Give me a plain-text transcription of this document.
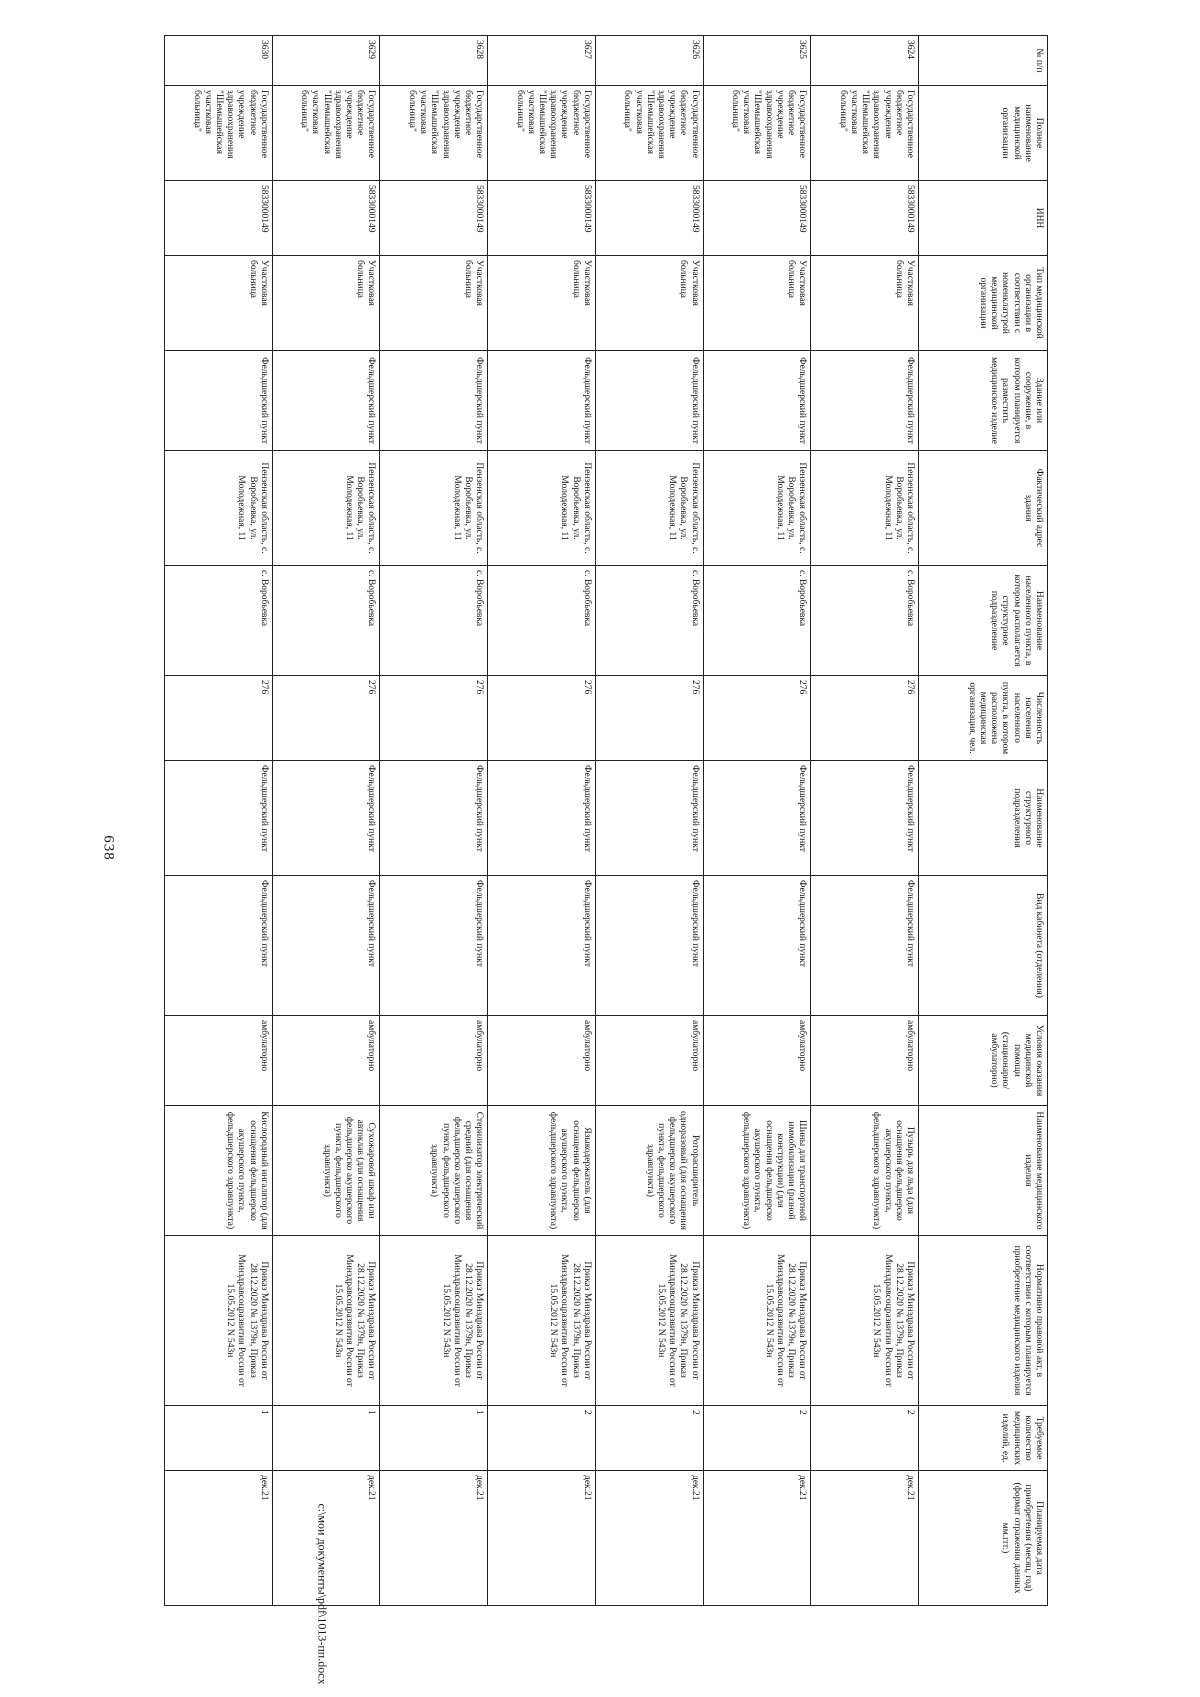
638
№ п/п	Полное наименование медицинской организации	ИНН	Тип медицинской организации в соответствии с номенклатурой медицинской организации	Здание или сооружение, в котором планируется разместить медицинское изделие	Фактический адрес здания	Наименование населенного пункта, в котором располагается структурное подразделение	Численность населения населенного пункта, в котором расположена медицинская организация, чел.	Наименование структурного подразделения	Вид кабинета (отделения)	Условия оказания медицинской помощи (стационарно/ амбулаторно)	Наименование медицинского изделия	Нормативно правовой акт, в соответствии с которым планируется приобретение медицинского изделия	Требуемое количество медицинских изделий, ед.	Планируемая дата приобретения (месяц, год) (формат отражения данных мм.ггг.)
3624	Государственное бюджетное учреждение здравоохранения "Шемышейская участковая больница"	5833000149	Участковая больница	Фельдшерский пункт	Пензенская область, с. Воробьевка, ул. Молодежная, 11	с. Воробьевка	276	Фельдшерский пункт	Фельдшерский пункт	амбулаторно	Пузырь для льда (для оснащения фельдшерско акушерского пункта, фельдшерского здравпункта)	Приказ Минздрава России от 28.12.2020 № 1379н, Приказ Минздравсоцразвития России от 15.05.2012 N 543н	2	дек.21
3625	Государственное бюджетное учреждение здравоохранения "Шемышейская участковая больница"	5833000149	Участковая больница	Фельдшерский пункт	Пензенская область, с. Воробьевка, ул. Молодежная, 11	с. Воробьевка	276	Фельдшерский пункт	Фельдшерский пункт	амбулаторно	Шины для транспортной иммобилизации (разной конструкции) (для оснащения фельдшерско акушерского пункта, фельдшерского здравпункта)	Приказ Минздрава России от 28.12.2020 № 1379н, Приказ Минздравсоцразвития России от 15.05.2012 N 543н	2	дек.21
3626	Государственное бюджетное учреждение здравоохранения "Шемышейская участковая больница"	5833000149	Участковая больница	Фельдшерский пункт	Пензенская область, с. Воробьевка, ул. Молодежная, 11	с. Воробьевка	276	Фельдшерский пункт	Фельдшерский пункт	амбулаторно	Роторасширитель одноразовый (для оснащения фельдшерско акушерского пункта, фельдшерского здравпункта)	Приказ Минздрава России от 28.12.2020 № 1379н, Приказ Минздравсоцразвития России от 15.05.2012 N 543н	2	дек.21
3627	Государственное бюджетное учреждение здравоохранения "Шемышейская участковая больница"	5833000149	Участковая больница	Фельдшерский пункт	Пензенская область, с. Воробьевка, ул. Молодежная, 11	с. Воробьевка	276	Фельдшерский пункт	Фельдшерский пункт	амбулаторно	Языкодержатель (для оснащения фельдшерско акушерского пункта, фельдшерского здравпункта)	Приказ Минздрава России от 28.12.2020 № 1379н, Приказ Минздравсоцразвития России от 15.05.2012 N 543н	2	дек.21
3628	Государственное бюджетное учреждение здравоохранения "Шемышейская участковая больница"	5833000149	Участковая больница	Фельдшерский пункт	Пензенская область, с. Воробьевка, ул. Молодежная, 11	с. Воробьевка	276	Фельдшерский пункт	Фельдшерский пункт	амбулаторно	Стерилизатор электрический средний (для оснащения фельдшерско акушерского пункта, фельдшерского здравпункта)	Приказ Минздрава России от 28.12.2020 № 1379н, Приказ Минздравсоцразвития России от 15.05.2012 N 543н	1	дек.21
3629	Государственное бюджетное учреждение здравоохранения "Шемышейская участковая больница"	5833000149	Участковая больница	Фельдшерский пункт	Пензенская область, с. Воробьевка, ул. Молодежная, 11	с. Воробьевка	276	Фельдшерский пункт	Фельдшерский пункт	амбулаторно	Сухожаровой шкаф или автоклав (для оснащения фельдшерско акушерского пункта, фельдшерского здравпункта)	Приказ Минздрава России от 28.12.2020 № 1379н, Приказ Минздравсоцразвития России от 15.05.2012 N 543н	1	дек.21
3630	Государственное бюджетное учреждение здравоохранения "Шемышейская участковая больница"	5833000149	Участковая больница	Фельдшерский пункт	Пензенская область, с. Воробьевка, ул. Молодежная, 11	с. Воробьевка	276	Фельдшерский пункт	Фельдшерский пункт	амбулаторно	Кислородный ингалятор (для оснащения фельдшерско акушерского пункта, фельдшерского здравпункта)	Приказ Минздрава России от 28.12.2020 № 1379н, Приказ Минздравсоцразвития России от 15.05.2012 N 543н	1	дек.21
c:\мои документы\pdf\1013-пп.docx
